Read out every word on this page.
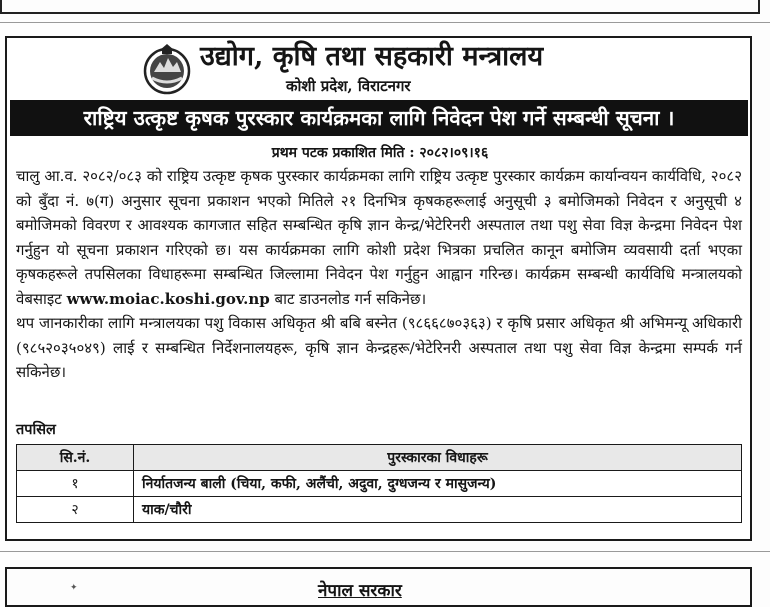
उद्योग, कृषि तथा सहकारी मन्त्रालय
कोशी प्रदेश, विराटनगर
राष्ट्रिय उत्कृष्ट कृषक पुरस्कार कार्यक्रमका लागि निवेदन पेश गर्ने सम्बन्धी सूचना ।
प्रथम पटक प्रकाशित मिति : २०८२।०९।१६

चालु आ.व. २०८२/०८३ को राष्ट्रिय उत्कृष्ट कृषक पुरस्कार कार्यक्रमका लागि राष्ट्रिय उत्कृष्ट पुरस्कार कार्यक्रम कार्यान्वयन कार्यविधि, २०८२ को बुँदा नं. ७(ग) अनुसार सूचना प्रकाशन भएको मितिले २१ दिनभित्र कृषकहरूलाई अनुसूची ३ बमोजिमको निवेदन र अनुसूची ४ बमोजिमको विवरण र आवश्यक कागजात सहित सम्बन्धित कृषि ज्ञान केन्द्र/भेटेरिनरी अस्पताल तथा पशु सेवा विज्ञ केन्द्रमा निवेदन पेश गर्नुहुन यो सूचना प्रकाशन गरिएको छ। यस कार्यक्रमका लागि कोशी प्रदेश भित्रका प्रचलित कानून बमोजिम व्यवसायी दर्ता भएका कृषकहरूले तपसिलका विधाहरूमा सम्बन्धित जिल्लामा निवेदन पेश गर्नुहुन आह्वान गरिन्छ। कार्यक्रम सम्बन्धी कार्यविधि मन्त्रालयको वेबसाइट www.moiac.koshi.gov.np बाट डाउनलोड गर्न सकिनेछ।

थप जानकारीका लागि मन्त्रालयका पशु विकास अधिकृत श्री बबि बस्नेत (९८६६८७०३६३) र कृषि प्रसार अधिकृत श्री अभिमन्यू अधिकारी (९८५२०३५०४९) लाई र सम्बन्धित निर्देशनालयहरू, कृषि ज्ञान केन्द्रहरू/भेटेरिनरी अस्पताल तथा पशु सेवा विज्ञ केन्द्रमा सम्पर्क गर्न सकिनेछ।

तपसिल
सि.नं.	पुरस्कारका विधाहरू
१	निर्यातजन्य बाली (चिया, कफी, अलैंची, अदुवा, दुग्धजन्य र मासुजन्य)
२	याक/चौरी
✦	नेपाल सरकार
